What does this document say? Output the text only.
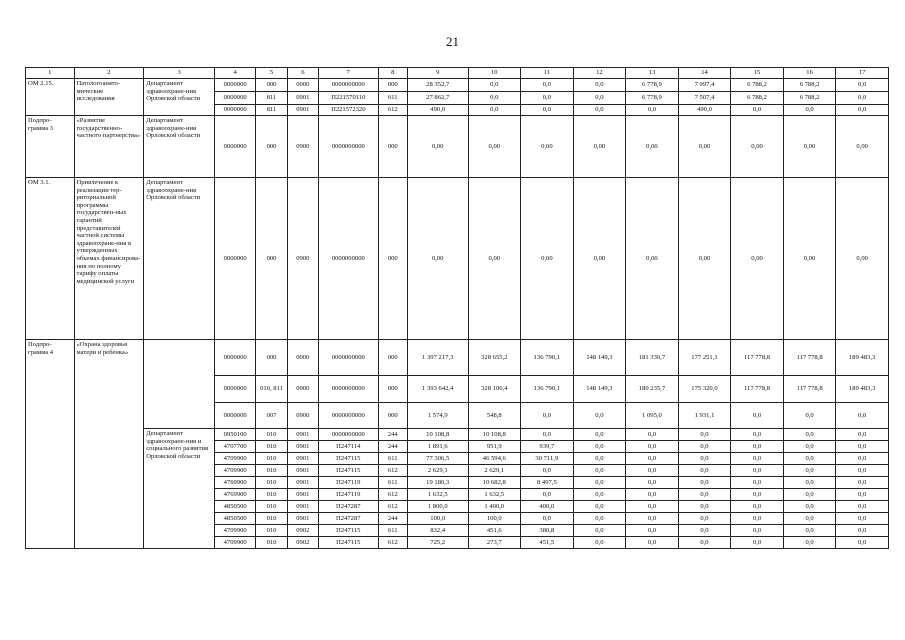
21
1	2	3	4	5	6	7	8	9	10	11	12	13	14	15	16	17
ОМ 2.15.	Патологоанато-мические исследования	Департамент здравоохране-ния Орловской области	0000000	000	0000	0000000000	000	28 352,7	0,0	0,0	0,0	6 778,9	7 997,4	6 788,2	6 788,2	0,0
			0000000	811	0901	П221570110	611	27 862,7	0,0	0,0	0,0	6 778,9	7 507,4	6 788,2	6 788,2	0,0
			0000000	811	0901	П221572320	612	490,0	0,0	0,0	0,0	0,0	490,0	0,0	0,0	0,0
Подпро-грамма 3	«Развитие государственно-частного партнерства»	Департамент здравоохране-ния Орловской области	0000000	000	0900	0000000000	000	0,00	0,00	0,00	0,00	0,00	0,00	0,00	0,00	0,00
ОМ 3.1.	Привлечение к реализации тер-риториальной программы государствен-ных гарантий представителей частной системы здравоохране-ния в утвержденных объемах финансирова-ния по полному тарифу оплаты медицинской услуги	Департамент здравоохране-ния Орловской области	0000000	000	0900	0000000000	000	0,00	0,00	0,00	0,00	0,00	0,00	0,00	0,00	0,00
Подпро-грамма 4	«Охрана здоровья матери и ребенка»		0000000	000	0000	0000000000	000	1 397 217,3	328 655,2	136 790,1	148 149,3	181 330,7	177 251,1	117 778,8	117 778,8	189 483,3
			0000000	010, 811	0900	0000000000	000	1 393 642,4	328 106,4	136 790,1	148 149,3	180 235,7	175 320,0	117 778,8	117 778,8	189 483,3
			0000000	007	0900	0000000000	000	1 574,9	548,8	0,0	0,0	1 095,0	1 931,1	0,0	0,0	0,0
		Департамент здравоохране-ния и социального развития Орловской области	0950100	010	0901	0000000000	244	10 108,8	10 108,8	0,0	0,0	0,0	0,0	0,0	0,0	0,0
			4707700	010	0901	П247114	244	1 891,6	951,9	939,7	0,0	0,0	0,0	0,0	0,0	0,0
			4709900	010	0901	П247115	611	77 306,5	46 594,6	30 711,9	0,0	0,0	0,0	0,0	0,0	0,0
			4709900	010	0901	П247115	612	2 629,1	2 629,1	0,0	0,0	0,0	0,0	0,0	0,0	0,0
			4769900	010	0901	П247119	611	19 180,3	10 682,8	8 497,5	0,0	0,0	0,0	0,0	0,0	0,0
			4769900	010	0901	П247119	612	1 632,5	1 632,5	0,0	0,0	0,0	0,0	0,0	0,0	0,0
			4850500	010	0901	П247287	612	1 800,0	1 400,0	400,0	0,0	0,0	0,0	0,0	0,0	0,0
			4850500	010	0901	П247287	244	100,0	100,0	0,0	0,0	0,0	0,0	0,0	0,0	0,0
			4709900	010	0902	П247115	611	832,4	451,6	380,8	0,0	0,0	0,0	0,0	0,0	0,0
			4709900	010	0902	П247115	612	725,2	273,7	451,5	0,0	0,0	0,0	0,0	0,0	0,0
